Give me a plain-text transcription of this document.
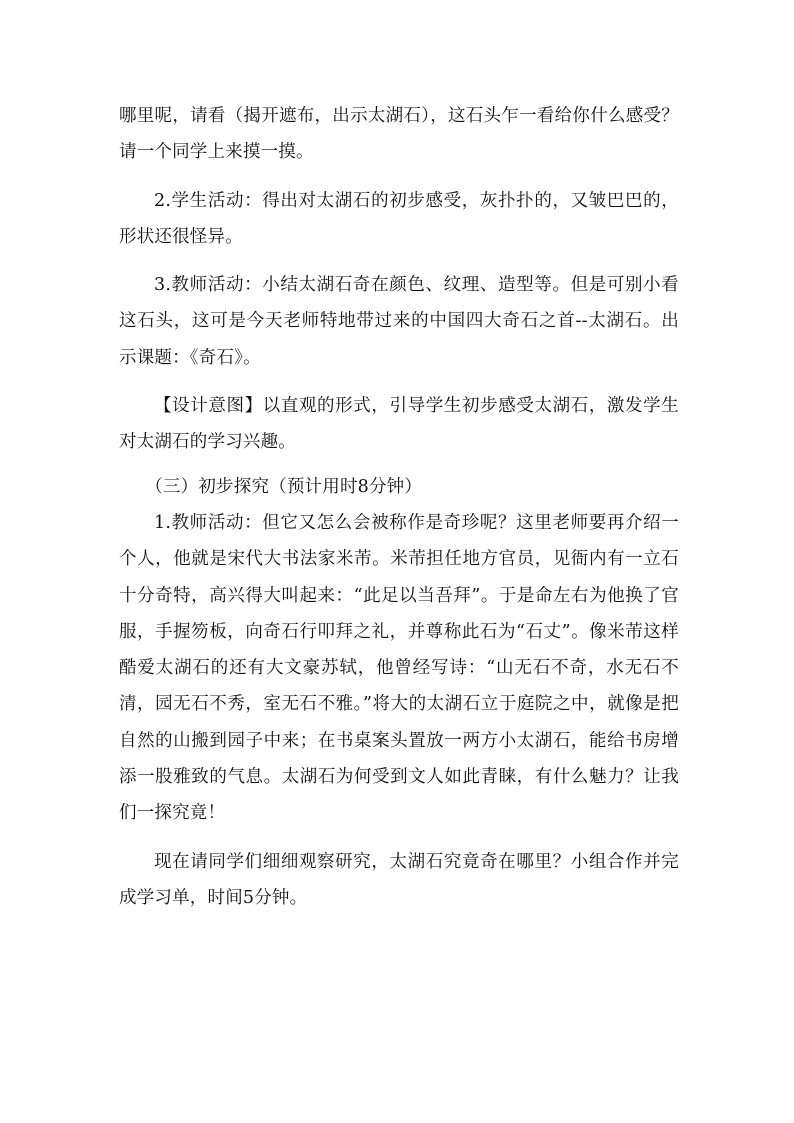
哪里呢，请看（揭开遮布，出示太湖石），这石头乍一看给你什么感受？请一个同学上来摸一摸。

2.学生活动：得出对太湖石的初步感受，灰扑扑的，又皱巴巴的，形状还很怪异。

3.教师活动：小结太湖石奇在颜色、纹理、造型等。但是可别小看这石头，这可是今天老师特地带过来的中国四大奇石之首--太湖石。出示课题：《奇石》。

【设计意图】以直观的形式，引导学生初步感受太湖石，激发学生对太湖石的学习兴趣。

（三）初步探究（预计用时8分钟）

1.教师活动：但它又怎么会被称作是奇珍呢？这里老师要再介绍一个人，他就是宋代大书法家米芾。米芾担任地方官员，见衙内有一立石十分奇特，高兴得大叫起来：“此足以当吾拜”。于是命左右为他换了官服，手握笏板，向奇石行叩拜之礼，并尊称此石为“石丈”。像米芾这样酷爱太湖石的还有大文豪苏轼，他曾经写诗：“山无石不奇，水无石不清，园无石不秀，室无石不雅。”将大的太湖石立于庭院之中，就像是把自然的山搬到园子中来；在书桌案头置放一两方小太湖石，能给书房增添一股雅致的气息。太湖石为何受到文人如此青睐，有什么魅力？让我们一探究竟！

现在请同学们细细观察研究，太湖石究竟奇在哪里？小组合作并完成学习单，时间5分钟。
